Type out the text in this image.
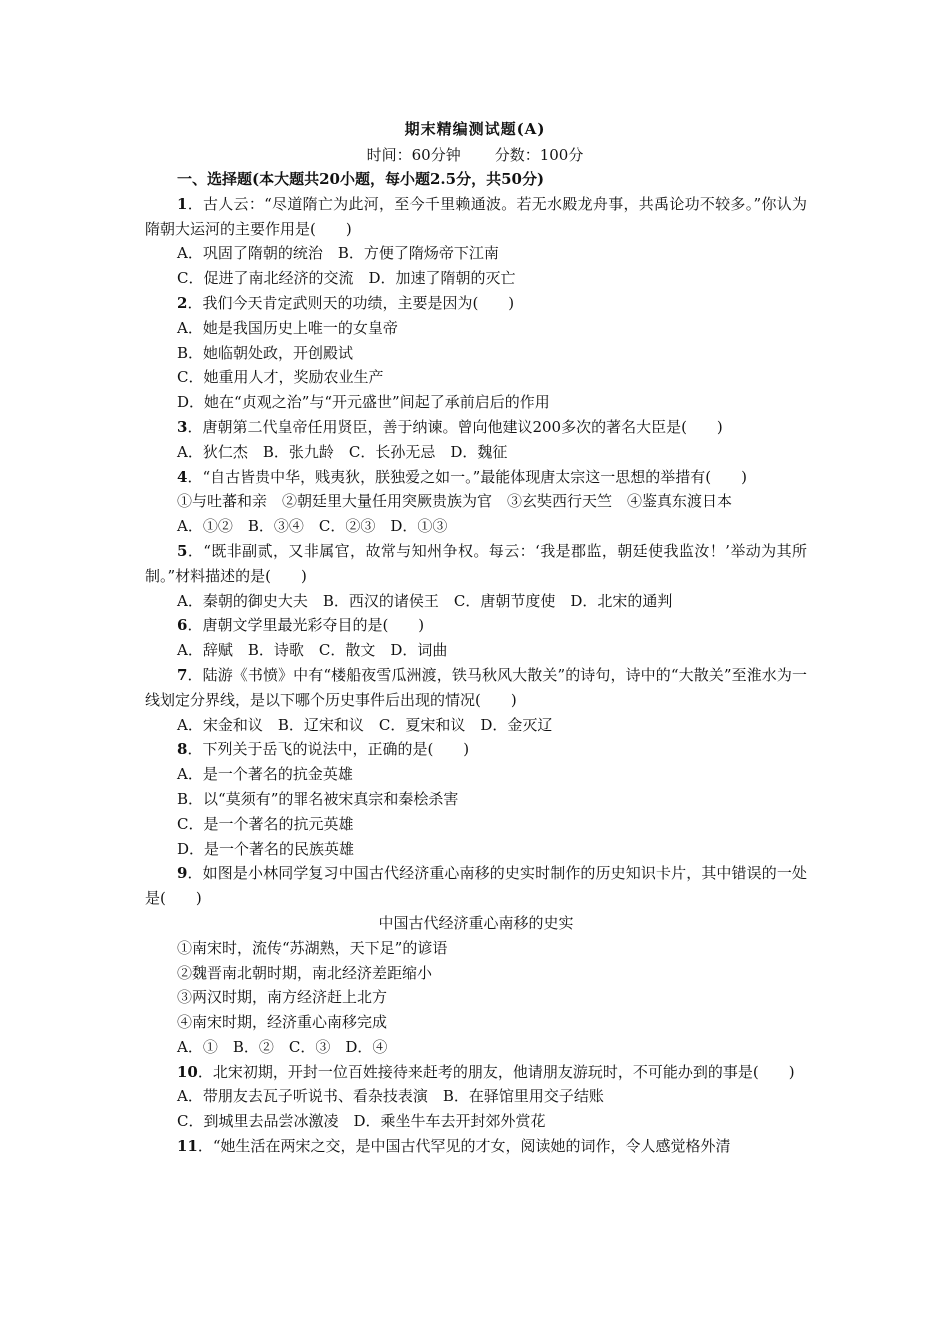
期末精编测试题(A)
时间：60分钟 分数：100分
一、选择题(本大题共20小题，每小题2.5分，共50分)
1．古人云：“尽道隋亡为此河，至今千里赖通波。若无水殿龙舟事，共禹论功不较多。”你认为隋朝大运河的主要作用是(　　)
A．巩固了隋朝的统治　B．方便了隋炀帝下江南
C．促进了南北经济的交流　D．加速了隋朝的灭亡
2．我们今天肯定武则天的功绩，主要是因为(　　)
A．她是我国历史上唯一的女皇帝
B．她临朝处政，开创殿试
C．她重用人才，奖励农业生产
D．她在“贞观之治”与“开元盛世”间起了承前启后的作用
3．唐朝第二代皇帝任用贤臣，善于纳谏。曾向他建议200多次的著名大臣是(　　)
A．狄仁杰　B．张九龄　C．长孙无忌　D．魏征
4．“自古皆贵中华，贱夷狄，朕独爱之如一。”最能体现唐太宗这一思想的举措有(　　)
①与吐蕃和亲　②朝廷里大量任用突厥贵族为官　③玄奘西行天竺　④鉴真东渡日本
A．①②　B．③④　C．②③　D．①③
5．“既非副贰，又非属官，故常与知州争权。每云：‘我是郡监，朝廷使我监汝！’举动为其所制。”材料描述的是(　　)
A．秦朝的御史大夫　B．西汉的诸侯王　C．唐朝节度使　D．北宋的通判
6．唐朝文学里最光彩夺目的是(　　)
A．辞赋　B．诗歌　C．散文　D．词曲
7．陆游《书愤》中有“楼船夜雪瓜洲渡，铁马秋风大散关”的诗句，诗中的“大散关”至淮水为一线划定分界线，是以下哪个历史事件后出现的情况(　　)
A．宋金和议　B．辽宋和议　C．夏宋和议　D．金灭辽
8．下列关于岳飞的说法中，正确的是(　　)
A．是一个著名的抗金英雄
B．以“莫须有”的罪名被宋真宗和秦桧杀害
C．是一个著名的抗元英雄
D．是一个著名的民族英雄
9．如图是小林同学复习中国古代经济重心南移的史实时制作的历史知识卡片，其中错误的一处是(　　)
中国古代经济重心南移的史实
①南宋时，流传“苏湖熟，天下足”的谚语
②魏晋南北朝时期，南北经济差距缩小
③两汉时期，南方经济赶上北方
④南宋时期，经济重心南移完成
A．①　B．②　C．③　D．④
10．北宋初期，开封一位百姓接待来赶考的朋友，他请朋友游玩时，不可能办到的事是(　　)
A．带朋友去瓦子听说书、看杂技表演　B．在驿馆里用交子结账
C．到城里去品尝冰激凌　D．乘坐牛车去开封郊外赏花
11．“她生活在两宋之交，是中国古代罕见的才女，阅读她的词作，令人感觉格外清
